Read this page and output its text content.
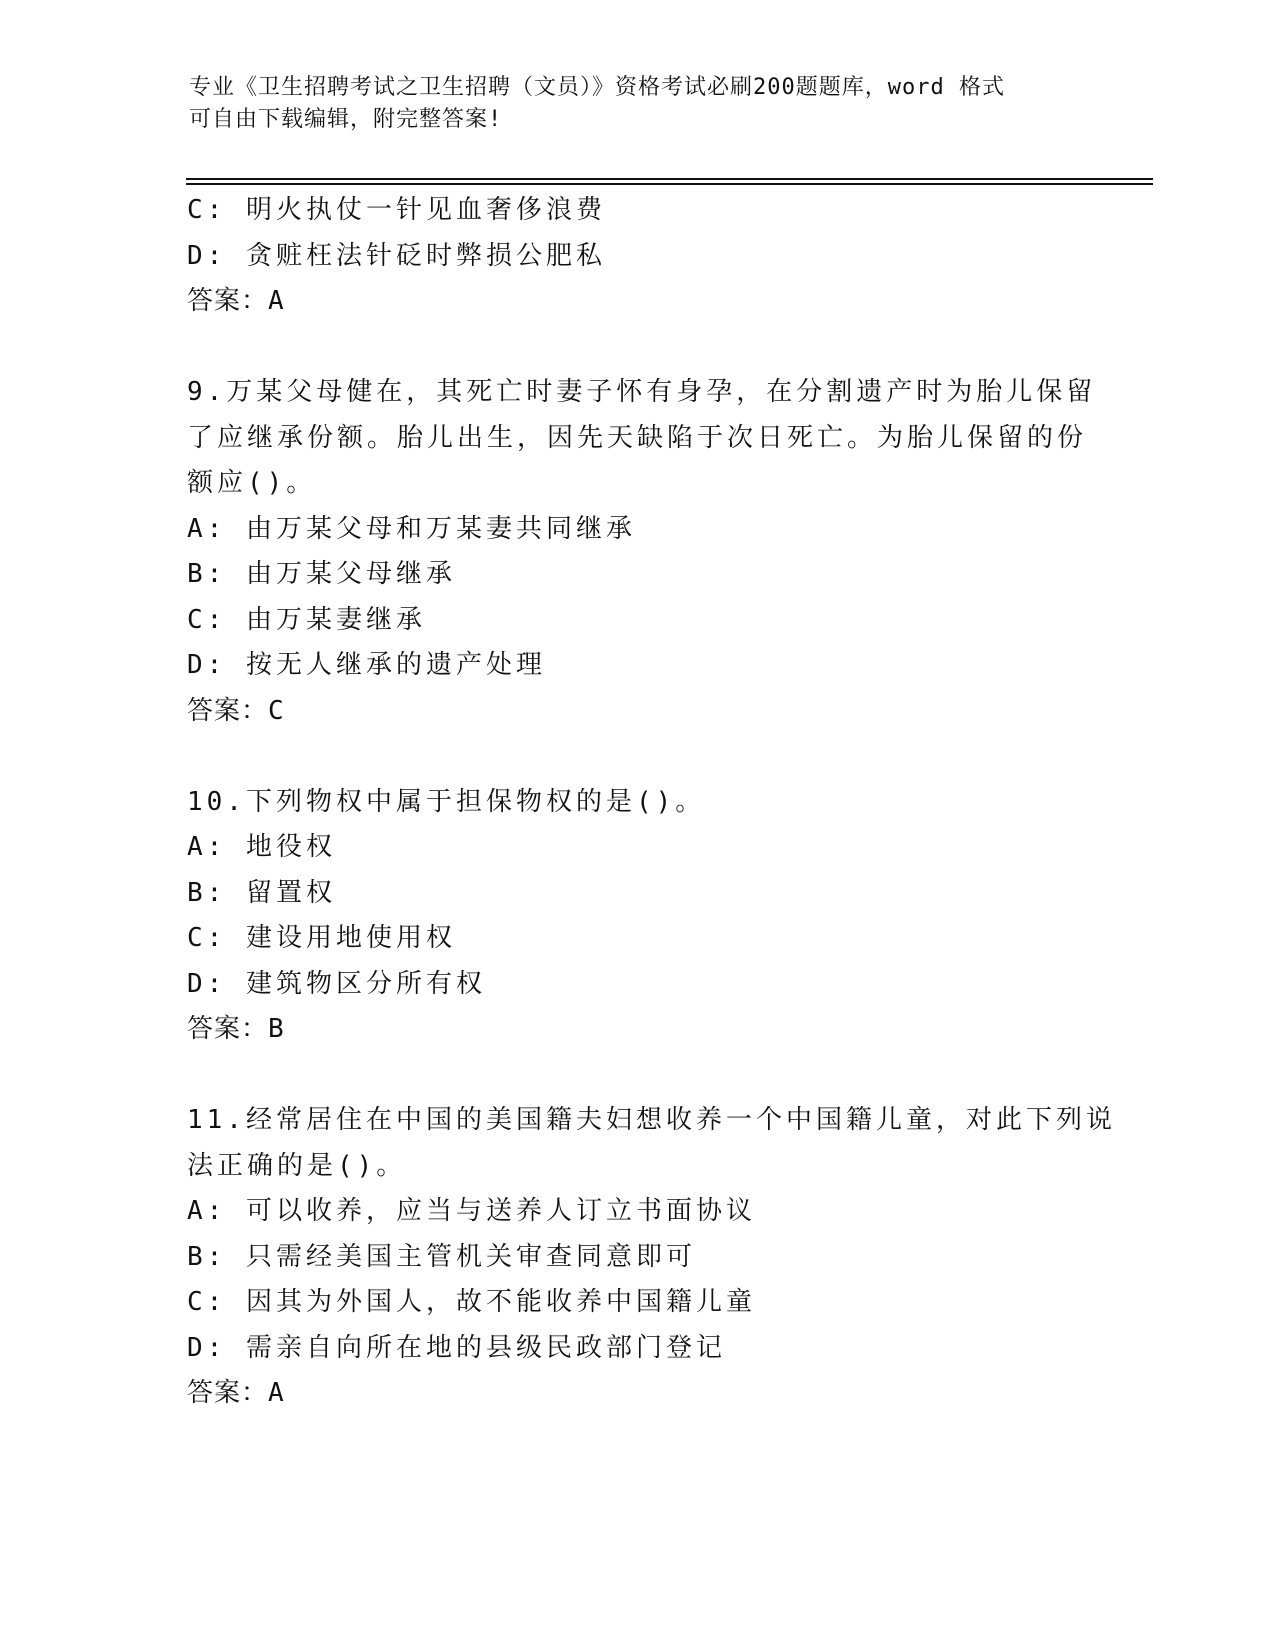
专业《卫生招聘考试之卫生招聘（文员）》资格考试必刷200题题库，word 格式
可自由下载编辑，附完整答案!
C: 明火执仗一针见血奢侈浪费
D: 贪赃枉法针砭时弊损公肥私
答案：A
9.万某父母健在，其死亡时妻子怀有身孕，在分割遗产时为胎儿保留
了应继承份额。胎儿出生，因先天缺陷于次日死亡。为胎儿保留的份
额应()。
A: 由万某父母和万某妻共同继承
B: 由万某父母继承
C: 由万某妻继承
D: 按无人继承的遗产处理
答案：C
10.下列物权中属于担保物权的是()。
A: 地役权
B: 留置权
C: 建设用地使用权
D: 建筑物区分所有权
答案：B
11.经常居住在中国的美国籍夫妇想收养一个中国籍儿童，对此下列说
法正确的是()。
A: 可以收养，应当与送养人订立书面协议
B: 只需经美国主管机关审查同意即可
C: 因其为外国人，故不能收养中国籍儿童
D: 需亲自向所在地的县级民政部门登记
答案：A
